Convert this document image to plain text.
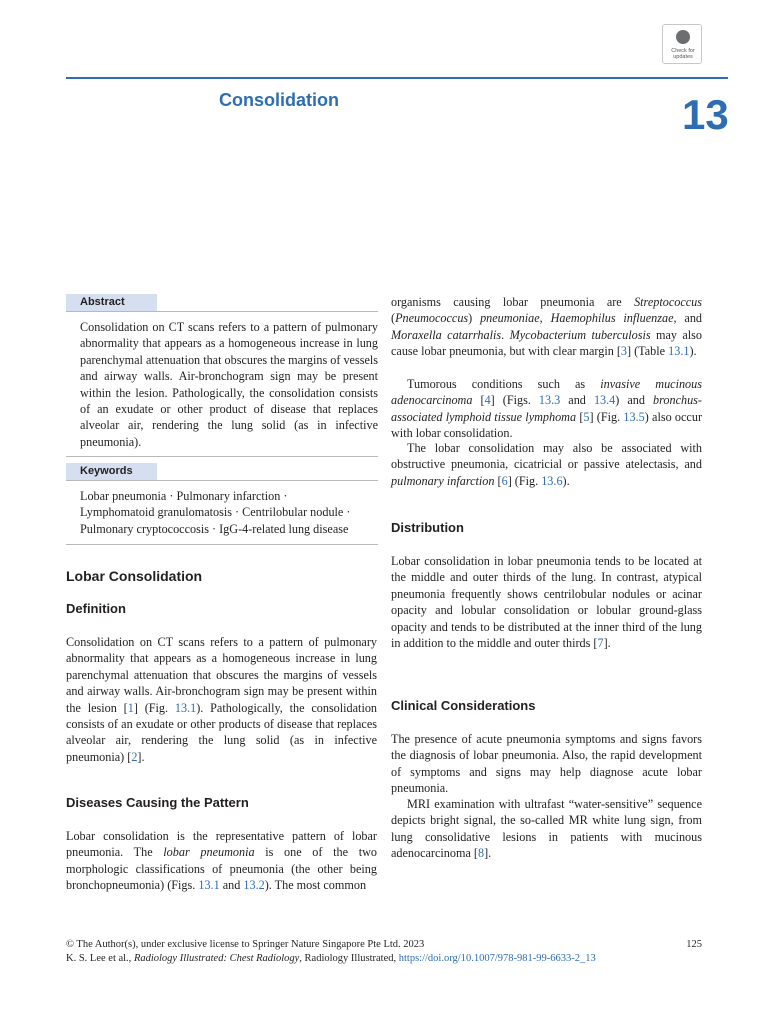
Check for
updates
Consolidation	13
Abstract

Consolidation on CT scans refers to a pattern of pulmonary abnormality that appears as a homogeneous increase in lung parenchymal attenuation that obscures the margins of vessels and airway walls. Air-bronchogram sign may be present within the lesion. Pathologically, the consolidation consists of an exudate or other product of disease that replaces alveolar air, rendering the lung solid (as in infective pneumonia).

Keywords
Lobar pneumonia · Pulmonary infarction ·
Lymphomatoid granulomatosis · Centrilobular nodule ·
Pulmonary cryptococcosis · IgG-4-related lung disease
Lobar Consolidation
Definition

Consolidation on CT scans refers to a pattern of pulmonary abnormality that appears as a homogeneous increase in lung parenchymal attenuation that obscures the margins of vessels and airway walls. Air-bronchogram sign may be present within the lesion [1] (Fig. 13.1). Pathologically, the consolidation consists of an exudate or other products of disease that replaces alveolar air, rendering the lung solid (as in infective pneumonia) [2].

Diseases Causing the Pattern

Lobar consolidation is the representative pattern of lobar pneumonia. The lobar pneumonia is one of the two morphologic classifications of pneumonia (the other being bronchopneumonia) (Figs. 13.1 and 13.2). The most common

organisms causing lobar pneumonia are Streptococcus (Pneumococcus) pneumoniae, Haemophilus influenzae, and Moraxella catarrhalis. Mycobacterium tuberculosis may also cause lobar pneumonia, but with clear margin [3] (Table 13.1).

Tumorous conditions such as invasive mucinous adenocarcinoma [4] (Figs. 13.3 and 13.4) and bronchus-associated lymphoid tissue lymphoma [5] (Fig. 13.5) also occur with lobar consolidation.

The lobar consolidation may also be associated with obstructive pneumonia, cicatricial or passive atelectasis, and pulmonary infarction [6] (Fig. 13.6).

Distribution

Lobar consolidation in lobar pneumonia tends to be located at the middle and outer thirds of the lung. In contrast, atypical pneumonia frequently shows centrilobular nodules or acinar opacity and lobular consolidation or lobular ground-glass opacity and tends to be distributed at the inner third of the lung in addition to the middle and outer thirds [7].

Clinical Considerations

The presence of acute pneumonia symptoms and signs favors the diagnosis of lobar pneumonia. Also, the rapid development of symptoms and signs may help diagnose acute lobar pneumonia.

MRI examination with ultrafast “water-sensitive” sequence depicts bright signal, the so-called MR white lung sign, from lung consolidative lesions in patients with mucinous adenocarcinoma [8].

© The Author(s), under exclusive license to Springer Nature Singapore Pte Ltd. 2023
K. S. Lee et al., Radiology Illustrated: Chest Radiology, Radiology Illustrated, https://doi.org/10.1007/978-981-99-6633-2_13
125
